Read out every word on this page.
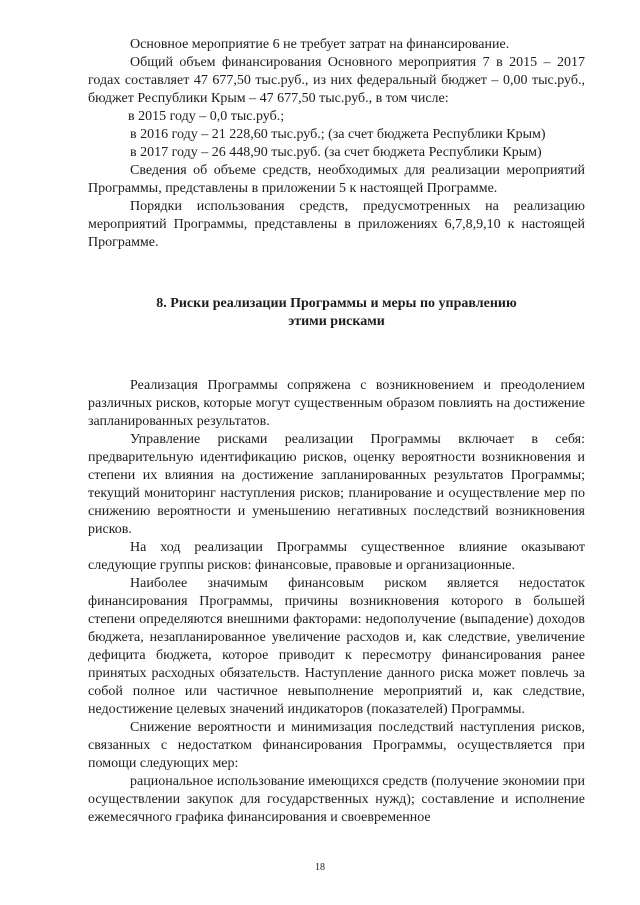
Основное мероприятие 6 не требует затрат на финансирование.

Общий объем финансирования Основного мероприятия 7 в 2015 – 2017 годах составляет 47 677,50 тыс.руб., из них федеральный бюджет – 0,00 тыс.руб., бюджет Республики Крым – 47 677,50 тыс.руб., в том числе:

в 2015 году – 0,0 тыс.руб.;

в 2016 году – 21 228,60 тыс.руб.; (за счет бюджета Республики Крым)

в 2017 году – 26 448,90 тыс.руб. (за счет бюджета Республики Крым)

Сведения об объеме средств, необходимых для реализации мероприятий Программы, представлены в приложении 5 к настоящей Программе.

Порядки использования средств, предусмотренных на реализацию мероприятий Программы, представлены в приложениях 6,7,8,9,10 к настоящей Программе.

8. Риски реализации Программы и меры по управлению этими рисками

Реализация Программы сопряжена с возникновением и преодолением различных рисков, которые могут существенным образом повлиять на достижение запланированных результатов.

Управление рисками реализации Программы включает в себя: предварительную идентификацию рисков, оценку вероятности возникновения и степени их влияния на достижение запланированных результатов Программы; текущий мониторинг наступления рисков; планирование и осуществление мер по снижению вероятности и уменьшению негативных последствий возникновения рисков.

На ход реализации Программы существенное влияние оказывают следующие группы рисков: финансовые, правовые и организационные.

Наиболее значимым финансовым риском является недостаток финансирования Программы, причины возникновения которого в большей степени определяются внешними факторами: недополучение (выпадение) доходов бюджета, незапланированное увеличение расходов и, как следствие, увеличение дефицита бюджета, которое приводит к пересмотру финансирования ранее принятых расходных обязательств. Наступление данного риска может повлечь за собой полное или частичное невыполнение мероприятий и, как следствие, недостижение целевых значений индикаторов (показателей) Программы.

Снижение вероятности и минимизация последствий наступления рисков, связанных с недостатком финансирования Программы, осуществляется при помощи следующих мер:

рациональное использование имеющихся средств (получение экономии при осуществлении закупок для государственных нужд); составление и исполнение ежемесячного графика финансирования и своевременное

18
